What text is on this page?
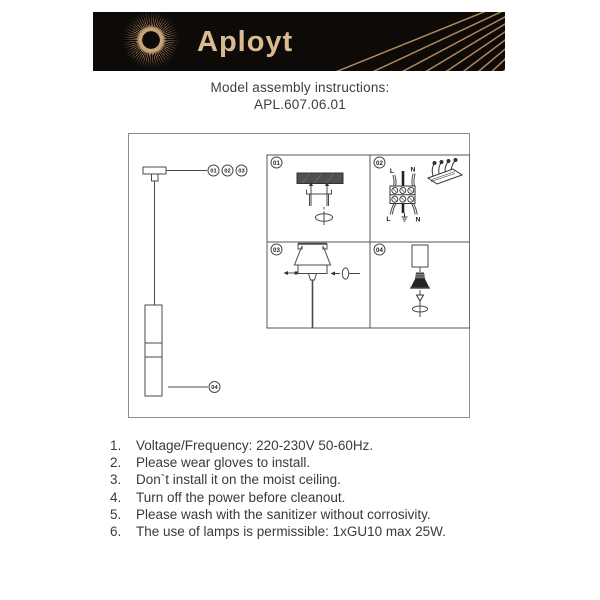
Aployt
Model assembly instructions:
APL.607.06.01
01 02 03
04
01	02
03	04
L N
L	N
1. Voltage/Frequency: 220-230V 50-60Hz.
2. Please wear gloves to install.
3. Don`t install it on the moist ceiling.
4. Turn off the power before cleanout.
5. Please wash with the sanitizer without corrosivity.
6. The use of lamps is permissible: 1xGU10 max 25W.
